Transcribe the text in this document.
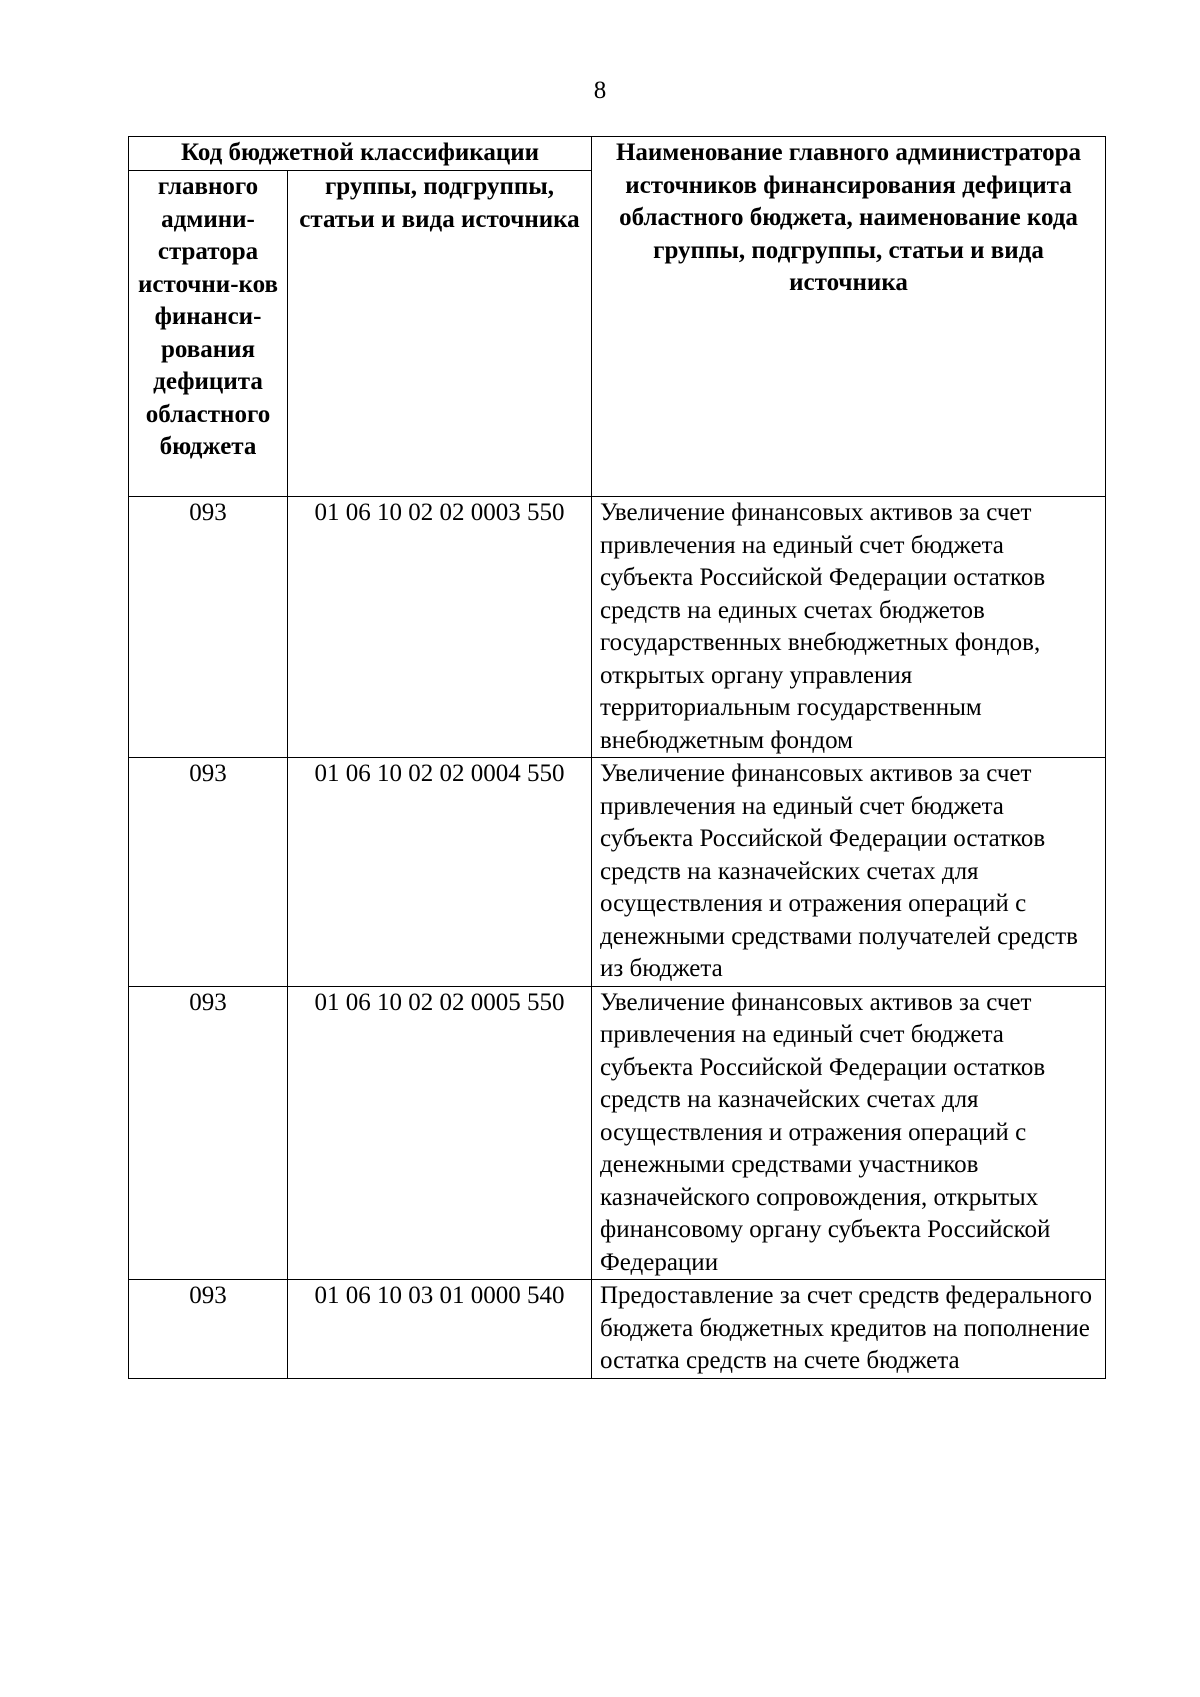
8
Код бюджетной классификации		Наименование главного администратора источников финансирования дефицита областного бюджета, наименование кода группы, подгруппы, статьи и вида источника
главного админи-стратора источни-ков финанси-рования дефицита областного бюджета	группы, подгруппы, статьи и вида источника	
093	01 06 10 02 02 0003 550	Увеличение финансовых активов за счет привлечения на единый счет бюджета субъекта Российской Федерации остатков средств на единых счетах бюджетов государственных внебюджетных фондов, открытых органу управления территориальным государственным внебюджетным фондом
093	01 06 10 02 02 0004 550	Увеличение финансовых активов за счет привлечения на единый счет бюджета субъекта Российской Федерации остатков средств на казначейских счетах для осуществления и отражения операций с денежными средствами получателей средств из бюджета
093	01 06 10 02 02 0005 550	Увеличение финансовых активов за счет привлечения на единый счет бюджета субъекта Российской Федерации остатков средств на казначейских счетах для осуществления и отражения операций с денежными средствами участников казначейского сопровождения, открытых финансовому органу субъекта Российской Федерации
093	01 06 10 03 01 0000 540	Предоставление за счет средств федерального бюджета бюджетных кредитов на пополнение остатка средств на счете бюджета
